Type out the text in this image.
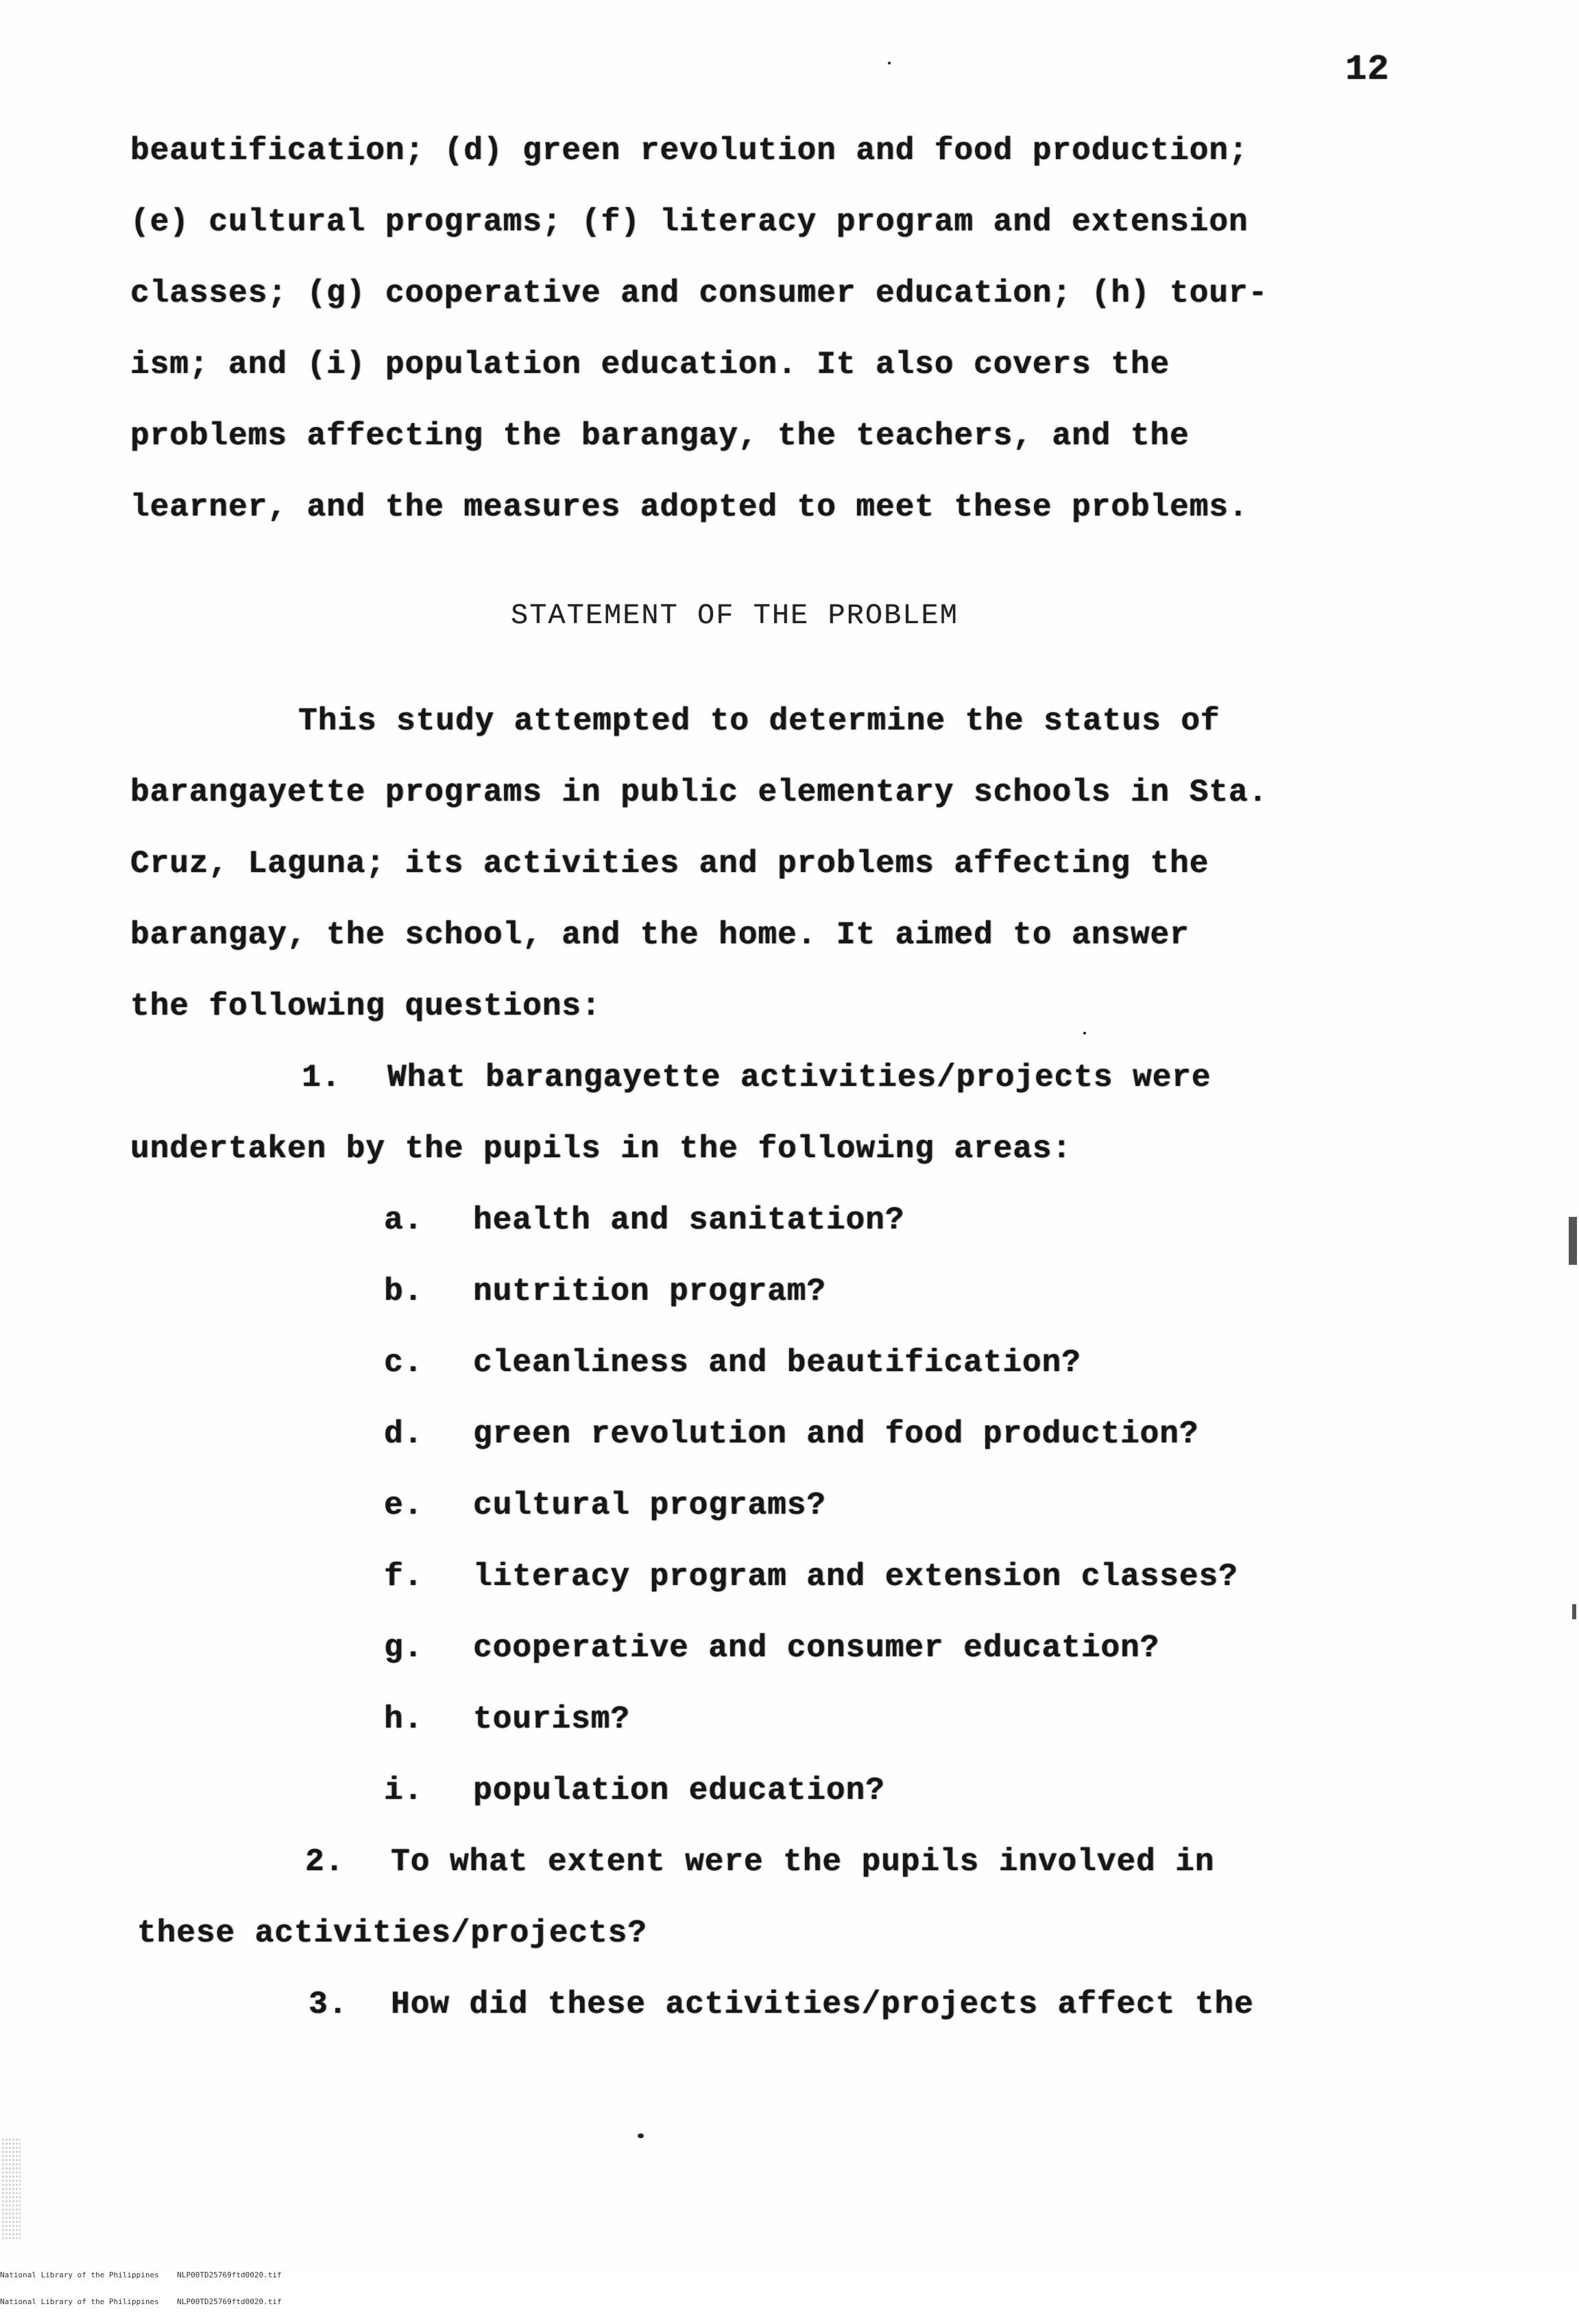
12
beautification; (d) green revolution and food production;
(e) cultural programs; (f) literacy program and extension
classes; (g) cooperative and consumer education; (h) tour-
ism; and (i) population education. It also covers the
problems affecting the barangay, the teachers, and the
learner, and the measures adopted to meet these problems.
STATEMENT OF THE PROBLEM
This study attempted to determine the status of
barangayette programs in public elementary schools in Sta.
Cruz, Laguna; its activities and problems affecting the
barangay, the school, and the home. It aimed to answer
the following questions:
1. What barangayette activities/projects were
undertaken by the pupils in the following areas:
a. health and sanitation?
b. nutrition program?
c. cleanliness and beautification?
d. green revolution and food production?
e. cultural programs?
f. literacy program and extension classes?
g. cooperative and consumer education?
h. tourism?
i. population education?
2. To what extent were the pupils involved in
these activities/projects?
3. How did these activities/projects affect the

National Library of the Philippines NLP00TD25769ftd0020.tif

National Library of the Philippines NLP00TD25769ftd0020.tif
